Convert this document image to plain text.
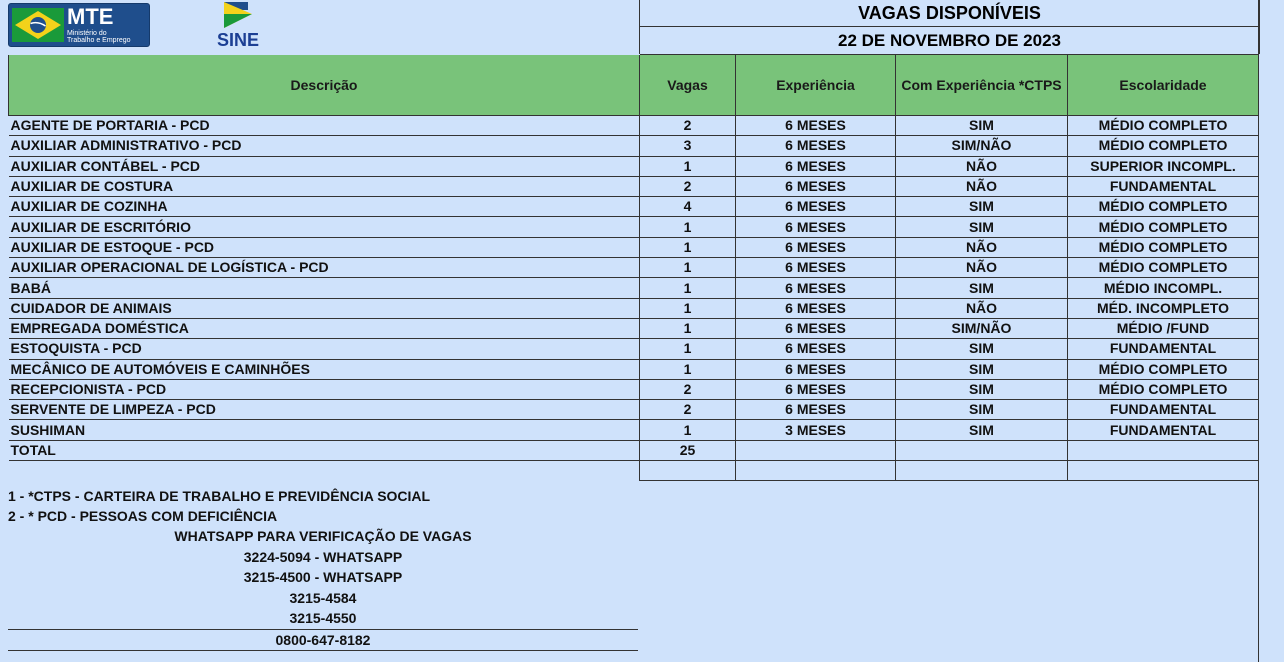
MTE
Ministério do
Trabalho e Emprego	SINE
VAGAS DISPONÍVEIS
22 DE NOVEMBRO DE 2023
Descrição	Vagas	Experiência	Com Experiência *CTPS	Escolaridade
AGENTE DE PORTARIA - PCD	2	6 MESES	SIM	MÉDIO COMPLETO
AUXILIAR ADMINISTRATIVO - PCD	3	6 MESES	SIM/NÃO	MÉDIO COMPLETO
AUXILIAR CONTÁBEL - PCD	1	6 MESES	NÃO	SUPERIOR INCOMPL.
AUXILIAR DE COSTURA	2	6 MESES	NÃO	FUNDAMENTAL
AUXILIAR DE COZINHA	4	6 MESES	SIM	MÉDIO COMPLETO
AUXILIAR DE ESCRITÓRIO	1	6 MESES	SIM	MÉDIO COMPLETO
AUXILIAR DE ESTOQUE - PCD	1	6 MESES	NÃO	MÉDIO COMPLETO
AUXILIAR OPERACIONAL DE LOGÍSTICA - PCD	1	6 MESES	NÃO	MÉDIO COMPLETO
BABÁ	1	6 MESES	SIM	MÉDIO INCOMPL.
CUIDADOR DE ANIMAIS	1	6 MESES	NÃO	MÉD. INCOMPLETO
EMPREGADA DOMÉSTICA	1	6 MESES	SIM/NÃO	MÉDIO /FUND
ESTOQUISTA - PCD	1	6 MESES	SIM	FUNDAMENTAL
MECÂNICO DE AUTOMÓVEIS E CAMINHÕES	1	6 MESES	SIM	MÉDIO COMPLETO
RECEPCIONISTA - PCD	2	6 MESES	SIM	MÉDIO COMPLETO
SERVENTE DE LIMPEZA - PCD	2	6 MESES	SIM	FUNDAMENTAL
SUSHIMAN	1	3 MESES	SIM	FUNDAMENTAL
TOTAL	25			

1 - *CTPS - CARTEIRA DE TRABALHO E PREVIDÊNCIA SOCIAL
2 - * PCD - PESSOAS COM DEFICIÊNCIA
WHATSAPP PARA VERIFICAÇÃO DE VAGAS
3224-5094 - WHATSAPP
3215-4500 - WHATSAPP
3215-4584
3215-4550
0800-647-8182
